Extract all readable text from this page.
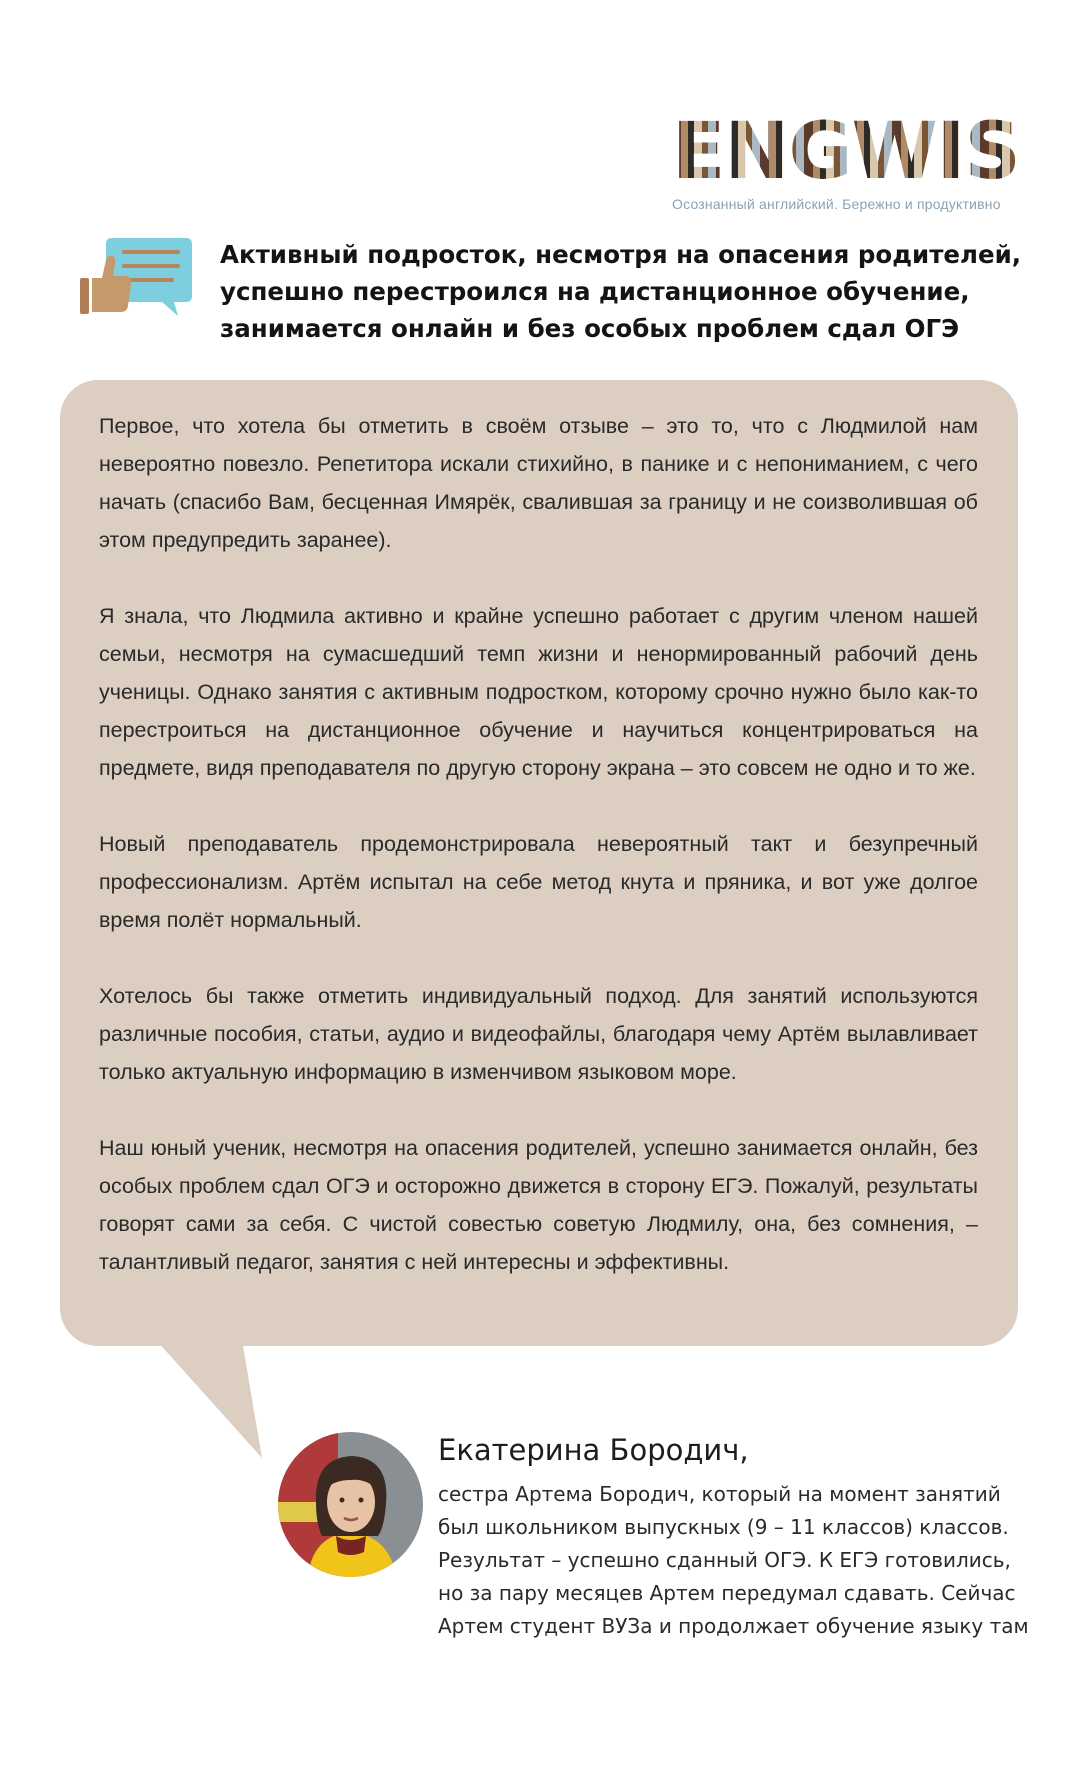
ENGWISE
Осознанный английский. Бережно и продуктивно
Активный подросток, несмотря на опасения родителей,
успешно перестроился на дистанционное обучение,
занимается онлайн и без особых проблем сдал ОГЭ

Первое, что хотела бы отметить в своём отзыве – это то, что с Людмилой нам невероятно повезло. Репетитора искали стихийно, в панике и с непониманием, с чего начать (спасибо Вам, бесценная Имярёк, свалившая за границу и не соизволившая об этом предупредить заранее).

Я знала, что Людмила активно и крайне успешно работает с другим членом нашей семьи, несмотря на сумасшедший темп жизни и ненормированный рабочий день ученицы. Однако занятия с активным подростком, которому срочно нужно было как-то перестроиться на дистанционное обучение и научиться концентрироваться на предмете, видя преподавателя по другую сторону экрана – это совсем не одно и то же.

Новый преподаватель продемонстрировала невероятный такт и безупречный профессионализм. Артём испытал на себе метод кнута и пряника, и вот уже долгое время полёт нормальный.

Хотелось бы также отметить индивидуальный подход. Для занятий используются различные пособия, статьи, аудио и видеофайлы, благодаря чему Артём вылавливает только актуальную информацию в изменчивом языковом море.

Наш юный ученик, несмотря на опасения родителей, успешно занимается онлайн, без особых проблем сдал ОГЭ и осторожно движется в сторону ЕГЭ. Пожалуй, результаты говорят сами за себя. С чистой совестью советую Людмилу, она, без сомнения, – талантливый педагог, занятия с ней интересны и эффективны.

Екатерина Бородич,
сестра Артема Бородич, который на момент занятий
был школьником выпускных (9 – 11 классов) классов.
Результат – успешно сданный ОГЭ. К ЕГЭ готовились,
но за пару месяцев Артем передумал сдавать. Сейчас
Артем студент ВУЗа и продолжает обучение языку там
